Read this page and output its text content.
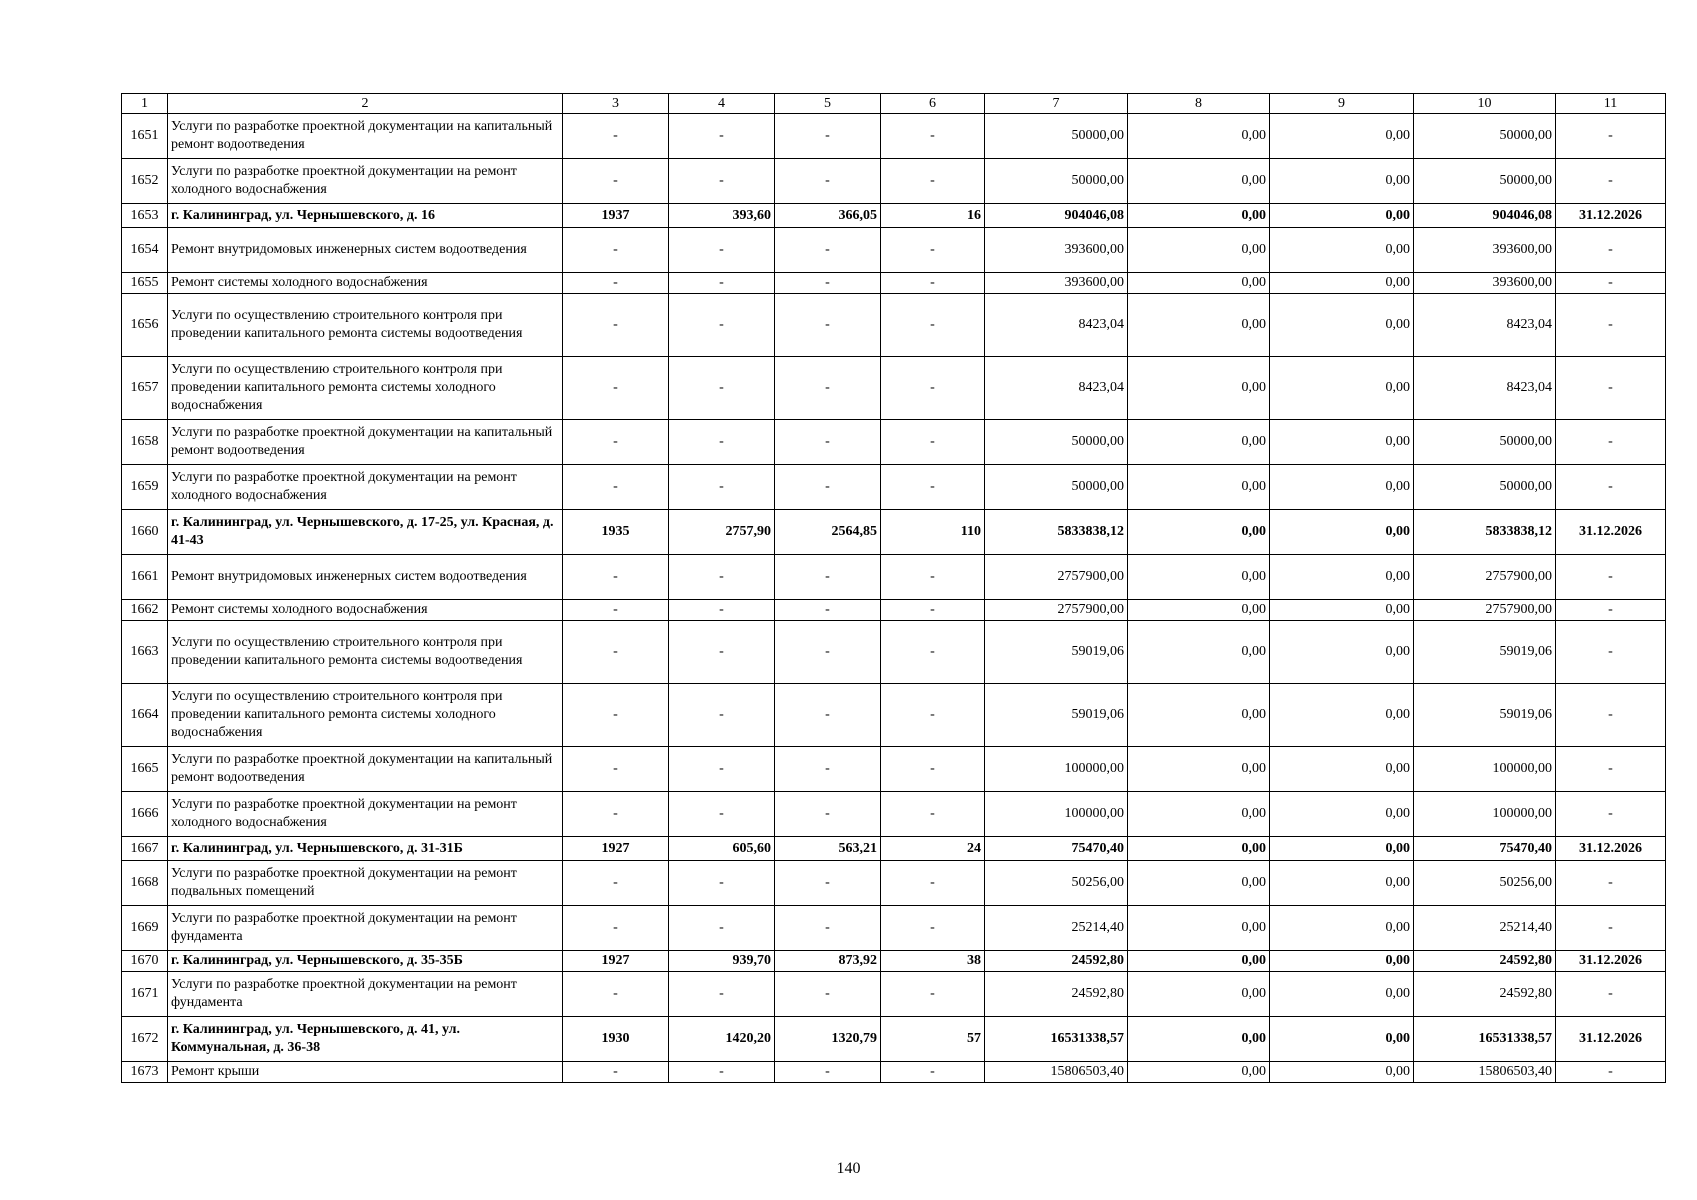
1	2	3	4	5	6	7	8	9	10	11
1651	Услуги по разработке проектной документации на капитальный ремонт водоотведения	-	-	-	-	50000,00	0,00	0,00	50000,00	-
1652	Услуги по разработке проектной документации на ремонт холодного водоснабжения	-	-	-	-	50000,00	0,00	0,00	50000,00	-
1653	г. Калининград, ул. Чернышевского, д. 16	1937	393,60	366,05	16	904046,08	0,00	0,00	904046,08	31.12.2026
1654	Ремонт внутридомовых инженерных систем водоотведения	-	-	-	-	393600,00	0,00	0,00	393600,00	-
1655	Ремонт системы холодного водоснабжения	-	-	-	-	393600,00	0,00	0,00	393600,00	-
1656	Услуги по осуществлению строительного контроля при проведении капитального ремонта системы водоотведения	-	-	-	-	8423,04	0,00	0,00	8423,04	-
1657	Услуги по осуществлению строительного контроля при проведении капитального ремонта системы холодного водоснабжения	-	-	-	-	8423,04	0,00	0,00	8423,04	-
1658	Услуги по разработке проектной документации на капитальный ремонт водоотведения	-	-	-	-	50000,00	0,00	0,00	50000,00	-
1659	Услуги по разработке проектной документации на ремонт холодного водоснабжения	-	-	-	-	50000,00	0,00	0,00	50000,00	-
1660	г. Калининград, ул. Чернышевского, д. 17-25, ул. Красная, д. 41-43	1935	2757,90	2564,85	110	5833838,12	0,00	0,00	5833838,12	31.12.2026
1661	Ремонт внутридомовых инженерных систем водоотведения	-	-	-	-	2757900,00	0,00	0,00	2757900,00	-
1662	Ремонт системы холодного водоснабжения	-	-	-	-	2757900,00	0,00	0,00	2757900,00	-
1663	Услуги по осуществлению строительного контроля при проведении капитального ремонта системы водоотведения	-	-	-	-	59019,06	0,00	0,00	59019,06	-
1664	Услуги по осуществлению строительного контроля при проведении капитального ремонта системы холодного водоснабжения	-	-	-	-	59019,06	0,00	0,00	59019,06	-
1665	Услуги по разработке проектной документации на капитальный ремонт водоотведения	-	-	-	-	100000,00	0,00	0,00	100000,00	-
1666	Услуги по разработке проектной документации на ремонт холодного водоснабжения	-	-	-	-	100000,00	0,00	0,00	100000,00	-
1667	г. Калининград, ул. Чернышевского, д. 31-31Б	1927	605,60	563,21	24	75470,40	0,00	0,00	75470,40	31.12.2026
1668	Услуги по разработке проектной документации на ремонт подвальных помещений	-	-	-	-	50256,00	0,00	0,00	50256,00	-
1669	Услуги по разработке проектной документации на ремонт фундамента	-	-	-	-	25214,40	0,00	0,00	25214,40	-
1670	г. Калининград, ул. Чернышевского, д. 35-35Б	1927	939,70	873,92	38	24592,80	0,00	0,00	24592,80	31.12.2026
1671	Услуги по разработке проектной документации на ремонт фундамента	-	-	-	-	24592,80	0,00	0,00	24592,80	-
1672	г. Калининград, ул. Чернышевского, д. 41, ул. Коммунальная, д. 36-38	1930	1420,20	1320,79	57	16531338,57	0,00	0,00	16531338,57	31.12.2026
1673	Ремонт крыши	-	-	-	-	15806503,40	0,00	0,00	15806503,40	-
140
